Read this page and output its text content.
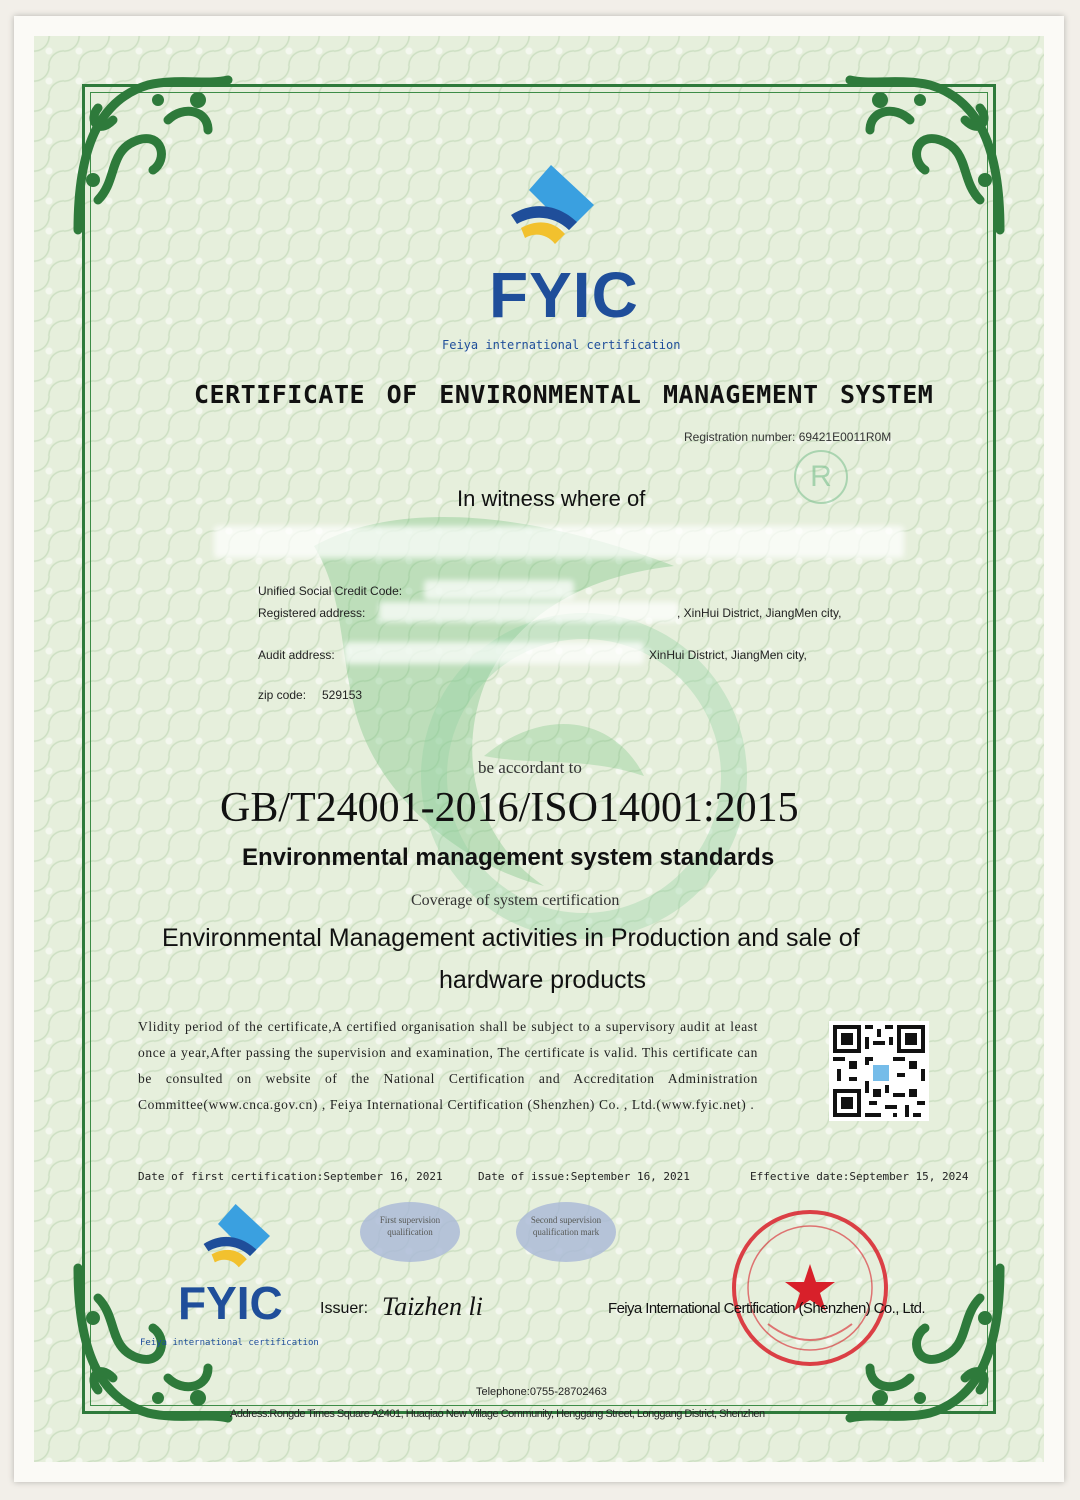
FYIC
Feiya international certification
CERTIFICATE OF ENVIRONMENTAL MANAGEMENT SYSTEM
Registration number: 69421E0011R0M
R
In witness where of
Unified Social Credit Code:
Registered address:	, XinHui District, JiangMen city,
Audit address:	XinHui District, JiangMen city,
zip code: 529153
be accordant to
GB/T24001-2016/ISO14001:2015
Environmental management system standards
Coverage of system certification
Environmental Management activities in Production and sale of
hardware products
Vlidity period of the certificate,A certified organisation shall be subject to a supervisory audit at least once a year,After passing the supervision and examination, The certificate is valid. This certificate can be consulted on website of the National Certification and Accreditation Administration Committee(www.cnca.gov.cn) , Feiya International Certification (Shenzhen) Co. , Ltd.(www.fyic.net) .
Date of first certification:September 16, 2021	Date of issue:September 16, 2021	Effective date:September 15, 2024
First supervision qualification
Second supervision qualification mark
FYIC
Feiya international certification
Issuer: Taizhen li	Feiya International Certification (Shenzhen) Co., Ltd.
Telephone:0755-28702463
Address:Rongde Times Square A2401, Huaqiao New Village Community, Henggang Street, Longgang District, Shenzhen
